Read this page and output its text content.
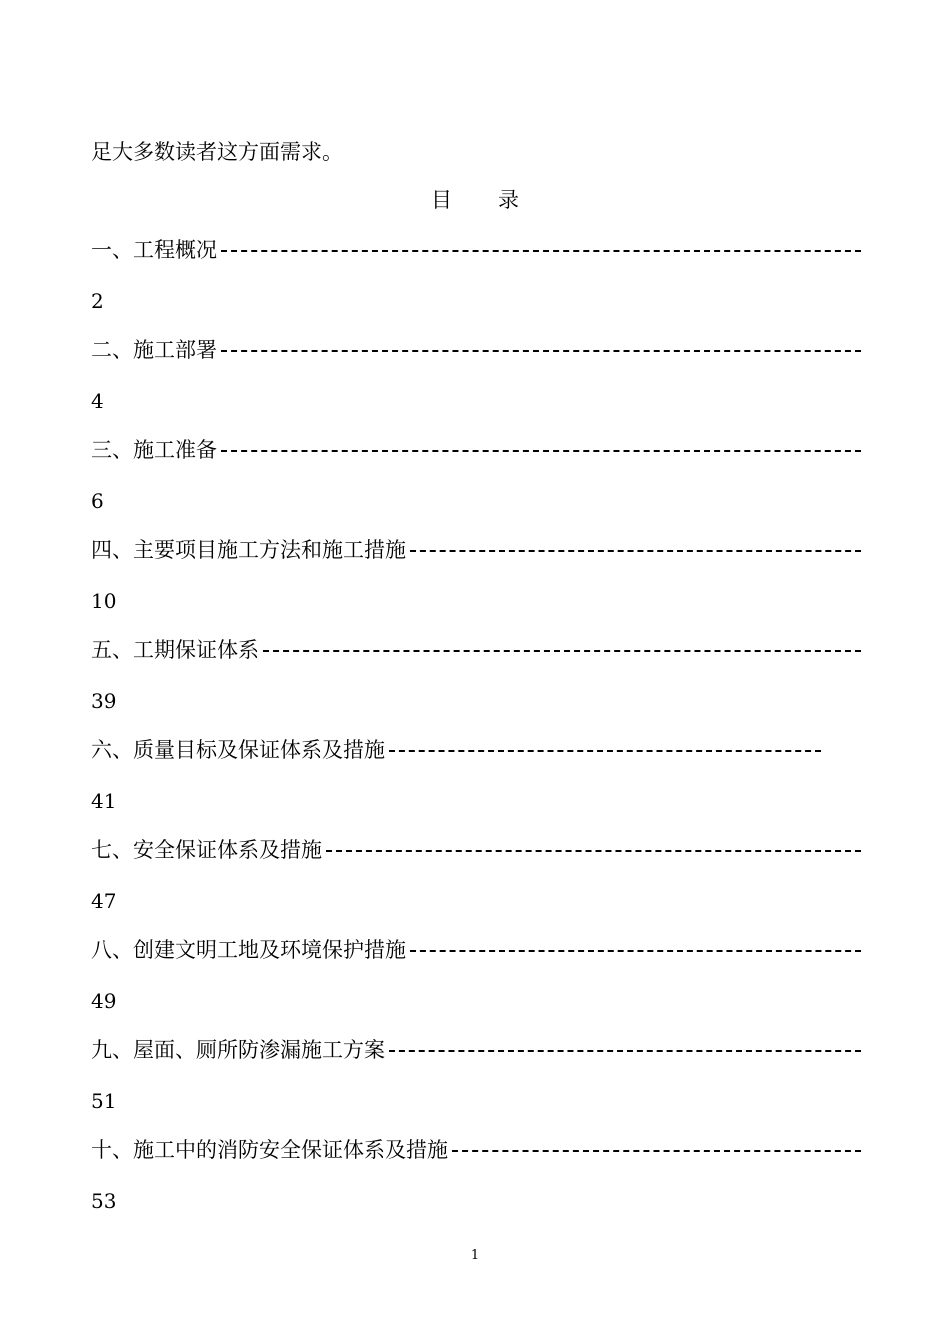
足大多数读者这方面需求。
目 录
一、工程概况
2
二、施工部署
4
三、施工准备
6
四、主要项目施工方法和施工措施
10
五、工期保证体系
39
六、质量目标及保证体系及措施
41
七、安全保证体系及措施
47
八、创建文明工地及环境保护措施
49
九、屋面、厕所防渗漏施工方案
51
十、施工中的消防安全保证体系及措施
53
1
